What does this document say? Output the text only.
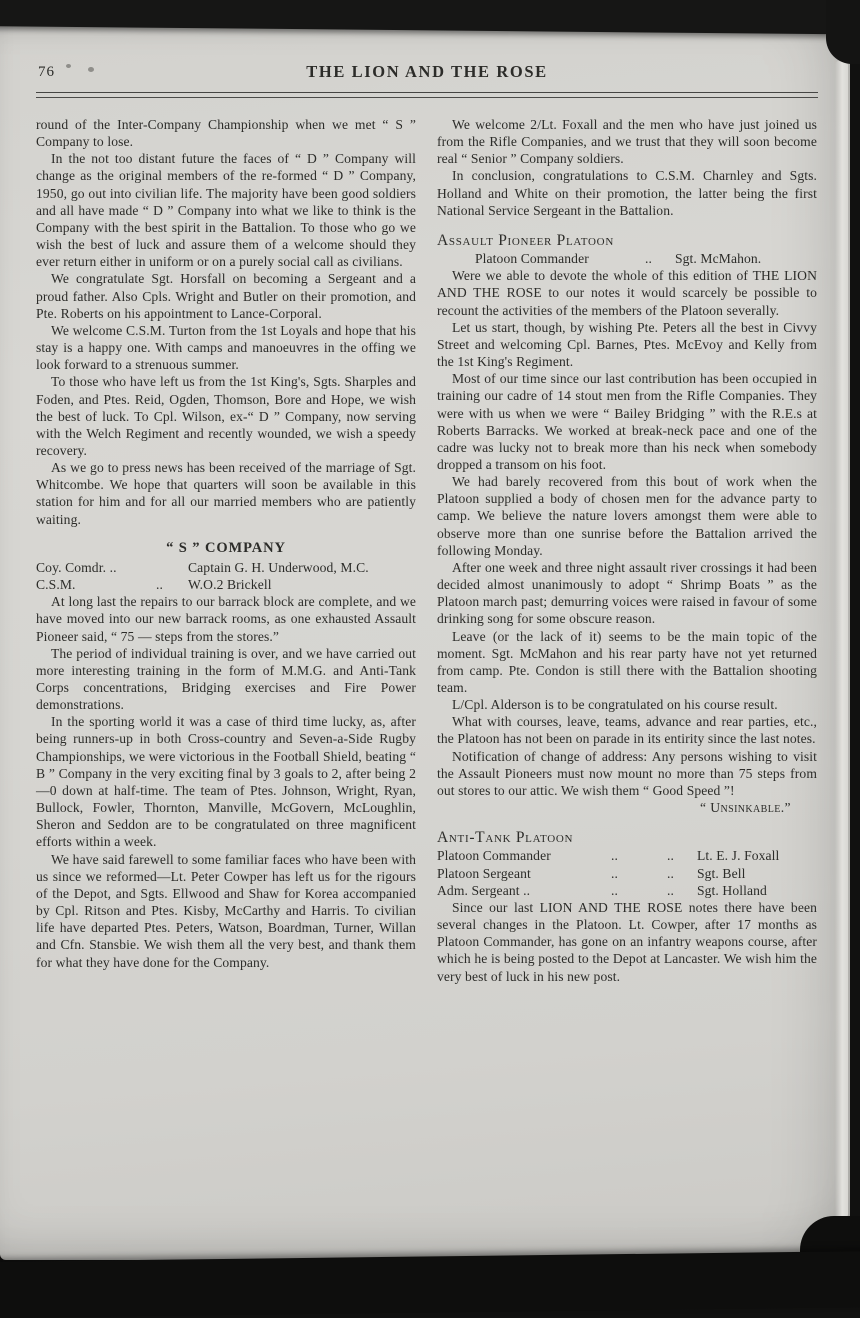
76	THE LION AND THE ROSE

round of the Inter-Company Championship when we met “ S ” Company to lose.

In the not too distant future the faces of “ D ” Company will change as the original members of the re-formed “ D ” Company, 1950, go out into civilian life. The majority have been good soldiers and all have made “ D ” Company into what we like to think is the Company with the best spirit in the Battalion. To those who go we wish the best of luck and assure them of a welcome should they ever return either in uniform or on a purely social call as civilians.

We congratulate Sgt. Horsfall on becoming a Sergeant and a proud father. Also Cpls. Wright and Butler on their promotion, and Pte. Roberts on his appointment to Lance-Corporal.

We welcome C.S.M. Turton from the 1st Loyals and hope that his stay is a happy one. With camps and manoeuvres in the offing we look forward to a strenuous summer.

To those who have left us from the 1st King's, Sgts. Sharples and Foden, and Ptes. Reid, Ogden, Thomson, Bore and Hope, we wish the best of luck. To Cpl. Wilson, ex-“ D ” Company, now serving with the Welch Regiment and recently wounded, we wish a speedy recovery.

As we go to press news has been received of the marriage of Sgt. Whitcombe. We hope that quarters will soon be available in this station for him and for all our married members who are patiently waiting.

“ S ” COMPANY

Coy. Comdr. ..	Captain G. H. Underwood, M.C.
C.S.M.	..	W.O.2 Brickell

At long last the repairs to our barrack block are complete, and we have moved into our new barrack rooms, as one exhausted Assault Pioneer said, “ 75 — steps from the stores.”

The period of individual training is over, and we have carried out more interesting training in the form of M.M.G. and Anti-Tank Corps concentrations, Bridging exercises and Fire Power demonstrations.

In the sporting world it was a case of third time lucky, as, after being runners-up in both Cross-country and Seven-a-Side Rugby Championships, we were victorious in the Football Shield, beating “ B ” Company in the very exciting final by 3 goals to 2, after being 2—0 down at half-time. The team of Ptes. Johnson, Wright, Ryan, Bullock, Fowler, Thornton, Manville, McGovern, McLoughlin, Sheron and Seddon are to be congratulated on three magnificent efforts within a week.

We have said farewell to some familiar faces who have been with us since we reformed—Lt. Peter Cowper has left us for the rigours of the Depot, and Sgts. Ellwood and Shaw for Korea accompanied by Cpl. Ritson and Ptes. Kisby, McCarthy and Harris. To civilian life have departed Ptes. Peters, Watson, Boardman, Turner, Willan and Cfn. Stansbie. We wish them all the very best, and thank them for what they have done for the Company.

We welcome 2/Lt. Foxall and the men who have just joined us from the Rifle Companies, and we trust that they will soon become real “ Senior ” Company soldiers.

In conclusion, congratulations to C.S.M. Charnley and Sgts. Holland and White on their promotion, the latter being the first National Service Sergeant in the Battalion.

Assault Pioneer Platoon

Platoon Commander	..	Sgt. McMahon.

Were we able to devote the whole of this edition of THE LION AND THE ROSE to our notes it would scarcely be possible to recount the activities of the members of the Platoon severally.

Let us start, though, by wishing Pte. Peters all the best in Civvy Street and welcoming Cpl. Barnes, Ptes. McEvoy and Kelly from the 1st King's Regiment.

Most of our time since our last contribution has been occupied in training our cadre of 14 stout men from the Rifle Companies. They were with us when we were “ Bailey Bridging ” with the R.E.s at Roberts Barracks. We worked at break-neck pace and one of the cadre was lucky not to break more than his neck when somebody dropped a transom on his foot.

We had barely recovered from this bout of work when the Platoon supplied a body of chosen men for the advance party to camp. We believe the nature lovers amongst them were able to observe more than one sunrise before the Battalion arrived the following Monday.

After one week and three night assault river crossings it had been decided almost unanimously to adopt “ Shrimp Boats ” as the Platoon march past; demurring voices were raised in favour of some drinking song for some obscure reason.

Leave (or the lack of it) seems to be the main topic of the moment. Sgt. McMahon and his rear party have not yet returned from camp. Pte. Condon is still there with the Battalion shooting team.

L/Cpl. Alderson is to be congratulated on his course result.

What with courses, leave, teams, advance and rear parties, etc., the Platoon has not been on parade in its entirity since the last notes.

Notification of change of address: Any persons wishing to visit the Assault Pioneers must now mount no more than 75 steps from out stores to our attic. We wish them “ Good Speed ”!

“ Unsinkable.”

Anti-Tank Platoon

Platoon Commander	..	..	Lt. E. J. Foxall
Platoon Sergeant	..	..	Sgt. Bell
Adm. Sergeant ..	..	..	Sgt. Holland

Since our last LION AND THE ROSE notes there have been several changes in the Platoon. Lt. Cowper, after 17 months as Platoon Commander, has gone on an infantry weapons course, after which he is being posted to the Depot at Lancaster. We wish him the very best of luck in his new post.
